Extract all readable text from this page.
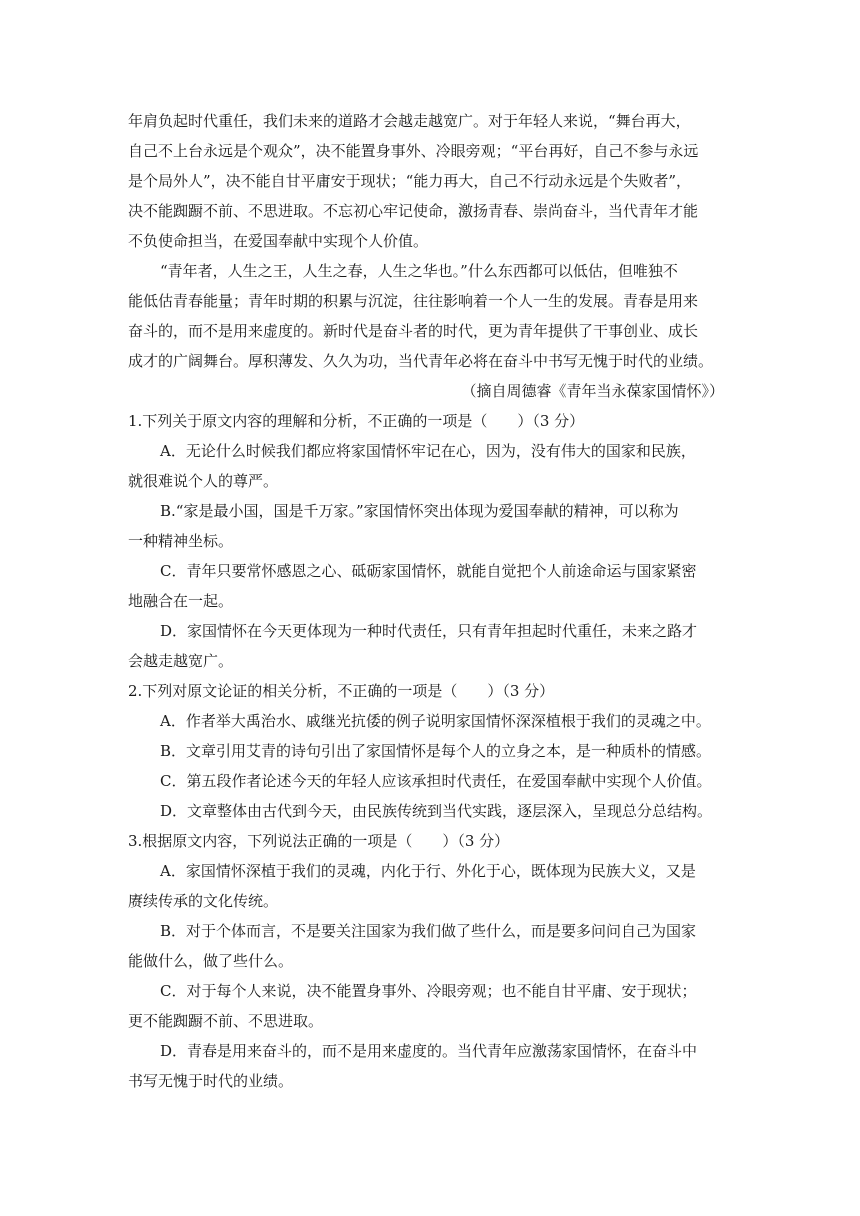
年肩负起时代重任，我们未来的道路才会越走越宽广。对于年轻人来说，“舞台再大，
自己不上台永远是个观众”，决不能置身事外、冷眼旁观；“平台再好，自己不参与永远
是个局外人”，决不能自甘平庸安于现状；“能力再大，自己不行动永远是个失败者”，
决不能踟蹰不前、不思进取。不忘初心牢记使命，激扬青春、崇尚奋斗，当代青年才能
不负使命担当，在爱国奉献中实现个人价值。
“青年者，人生之王，人生之春，人生之华也。”什么东西都可以低估，但唯独不
能低估青春能量；青年时期的积累与沉淀，往往影响着一个人一生的发展。青春是用来
奋斗的，而不是用来虚度的。新时代是奋斗者的时代，更为青年提供了干事创业、成长
成才的广阔舞台。厚积薄发、久久为功，当代青年必将在奋斗中书写无愧于时代的业绩。
（摘自周德睿《青年当永葆家国情怀》）
1.下列关于原文内容的理解和分析，不正确的一项是（　　）（3 分）
A．无论什么时候我们都应将家国情怀牢记在心，因为，没有伟大的国家和民族，
就很难说个人的尊严。
B.“家是最小国，国是千万家。”家国情怀突出体现为爱国奉献的精神，可以称为
一种精神坐标。
C．青年只要常怀感恩之心、砥砺家国情怀，就能自觉把个人前途命运与国家紧密
地融合在一起。
D．家国情怀在今天更体现为一种时代责任，只有青年担起时代重任，未来之路才
会越走越宽广。
2.下列对原文论证的相关分析，不正确的一项是（　　）（3 分）
A．作者举大禹治水、戚继光抗倭的例子说明家国情怀深深植根于我们的灵魂之中。
B．文章引用艾青的诗句引出了家国情怀是每个人的立身之本，是一种质朴的情感。
C．第五段作者论述今天的年轻人应该承担时代责任，在爱国奉献中实现个人价值。
D．文章整体由古代到今天，由民族传统到当代实践，逐层深入，呈现总分总结构。
3.根据原文内容，下列说法正确的一项是（　　）（3 分）
A．家国情怀深植于我们的灵魂，内化于行、外化于心，既体现为民族大义，又是
赓续传承的文化传统。
B．对于个体而言，不是要关注国家为我们做了些什么，而是要多问问自己为国家
能做什么，做了些什么。
C．对于每个人来说，决不能置身事外、冷眼旁观；也不能自甘平庸、安于现状；
更不能踟蹰不前、不思进取。
D．青春是用来奋斗的，而不是用来虚度的。当代青年应激荡家国情怀，在奋斗中
书写无愧于时代的业绩。
